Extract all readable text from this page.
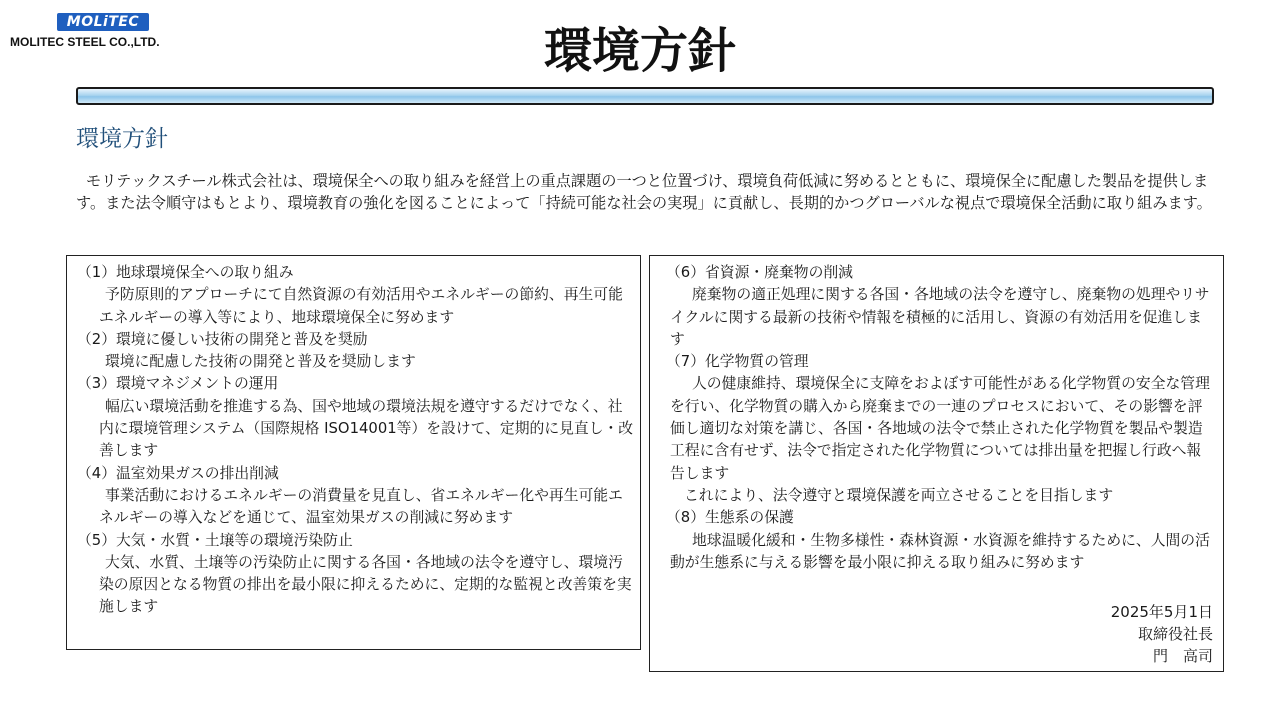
MOLiTEC
MOLITEC STEEL CO.,LTD.	環境方針
環境方針
モリテックスチール株式会社は、環境保全への取り組みを経営上の重点課題の一つと位置づけ、環境負荷低減に努めるとともに、環境保全に配慮した製品を提供します。また法令順守はもとより、環境教育の強化を図ることによって「持続可能な社会の実現」に貢献し、長期的かつグローバルな視点で環境保全活動に取り組みます。
（1）地球環境保全への取り組み
予防原則的アプローチにて自然資源の有効活用やエネルギーの節約、再生可能エネルギーの導入等により、地球環境保全に努めます
（2）環境に優しい技術の開発と普及を奨励
環境に配慮した技術の開発と普及を奨励します
（3）環境マネジメントの運用
幅広い環境活動を推進する為、国や地域の環境法規を遵守するだけでなく、社内に環境管理システム（国際規格 ISO14001等）を設けて、定期的に見直し・改善します
（4）温室効果ガスの排出削減
事業活動におけるエネルギーの消費量を見直し、省エネルギー化や再生可能エネルギーの導入などを通じて、温室効果ガスの削減に努めます
（5）大気・水質・土壌等の環境汚染防止
大気、水質、土壌等の汚染防止に関する各国・各地域の法令を遵守し、環境汚染の原因となる物質の排出を最小限に抑えるために、定期的な監視と改善策を実施します
（6）省資源・廃棄物の削減
廃棄物の適正処理に関する各国・各地域の法令を遵守し、廃棄物の処理やリサイクルに関する最新の技術や情報を積極的に活用し、資源の有効活用を促進します
（7）化学物質の管理
人の健康維持、環境保全に支障をおよぼす可能性がある化学物質の安全な管理を行い、化学物質の購入から廃棄までの一連のプロセスにおいて、その影響を評価し適切な対策を講じ、各国・各地域の法令で禁止された化学物質を製品や製造工程に含有せず、法令で指定された化学物質については排出量を把握し行政へ報告します
これにより、法令遵守と環境保護を両立させることを目指します
（8）生態系の保護
地球温暖化緩和・生物多様性・森林資源・水資源を維持するために、人間の活動が生態系に与える影響を最小限に抑える取り組みに努めます
2025年5月1日
取締役社長
門　高司
